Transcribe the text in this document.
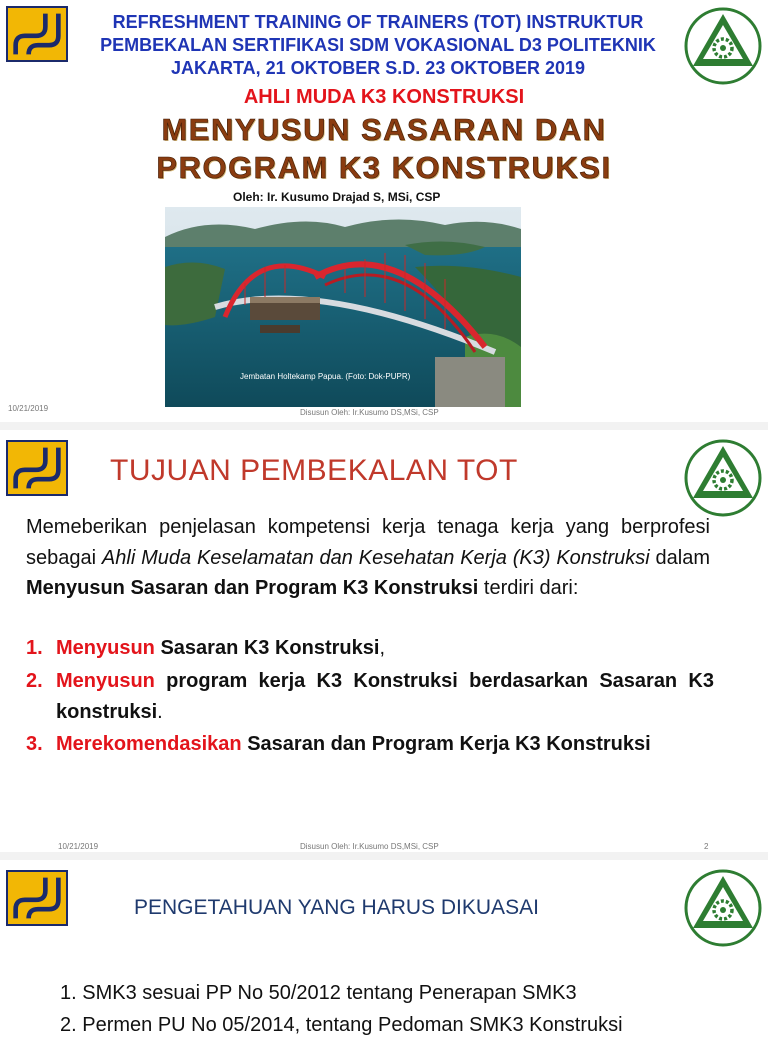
REFRESHMENT TRAINING OF TRAINERS (TOT) INSTRUKTUR
PEMBEKALAN SERTIFIKASI SDM VOKASIONAL D3 POLITEKNIK
JAKARTA, 21 OKTOBER S.D. 23 OKTOBER 2019
AHLI MUDA K3 KONSTRUKSI
MENYUSUN SASARAN DAN
PROGRAM K3 KONSTRUKSI
Oleh: Ir. Kusumo Drajad S, MSi, CSP
Jembatan Holtekamp Papua. (Foto: Dok-PUPR)
10/21/2019	Disusun Oleh: Ir.Kusumo DS,MSi, CSP
TUJUAN PEMBEKALAN TOT
Memeberikan penjelasan kompetensi kerja tenaga kerja yang berprofesi sebagai Ahli Muda Keselamatan dan Kesehatan Kerja (K3) Konstruksi dalam Menyusun Sasaran dan Program K3 Konstruksi terdiri dari:
1. Menyusun Sasaran K3 Konstruksi,
2. Menyusun program kerja K3 Konstruksi berdasarkan Sasaran K3 konstruksi.
3. Merekomendasikan Sasaran dan Program Kerja K3 Konstruksi
10/21/2019	Disusun Oleh: Ir.Kusumo DS,MSi, CSP	2
PENGETAHUAN YANG HARUS DIKUASAI
1. SMK3 sesuai PP No 50/2012 tentang Penerapan SMK3
2. Permen PU No 05/2014, tentang Pedoman SMK3 Konstruksi
